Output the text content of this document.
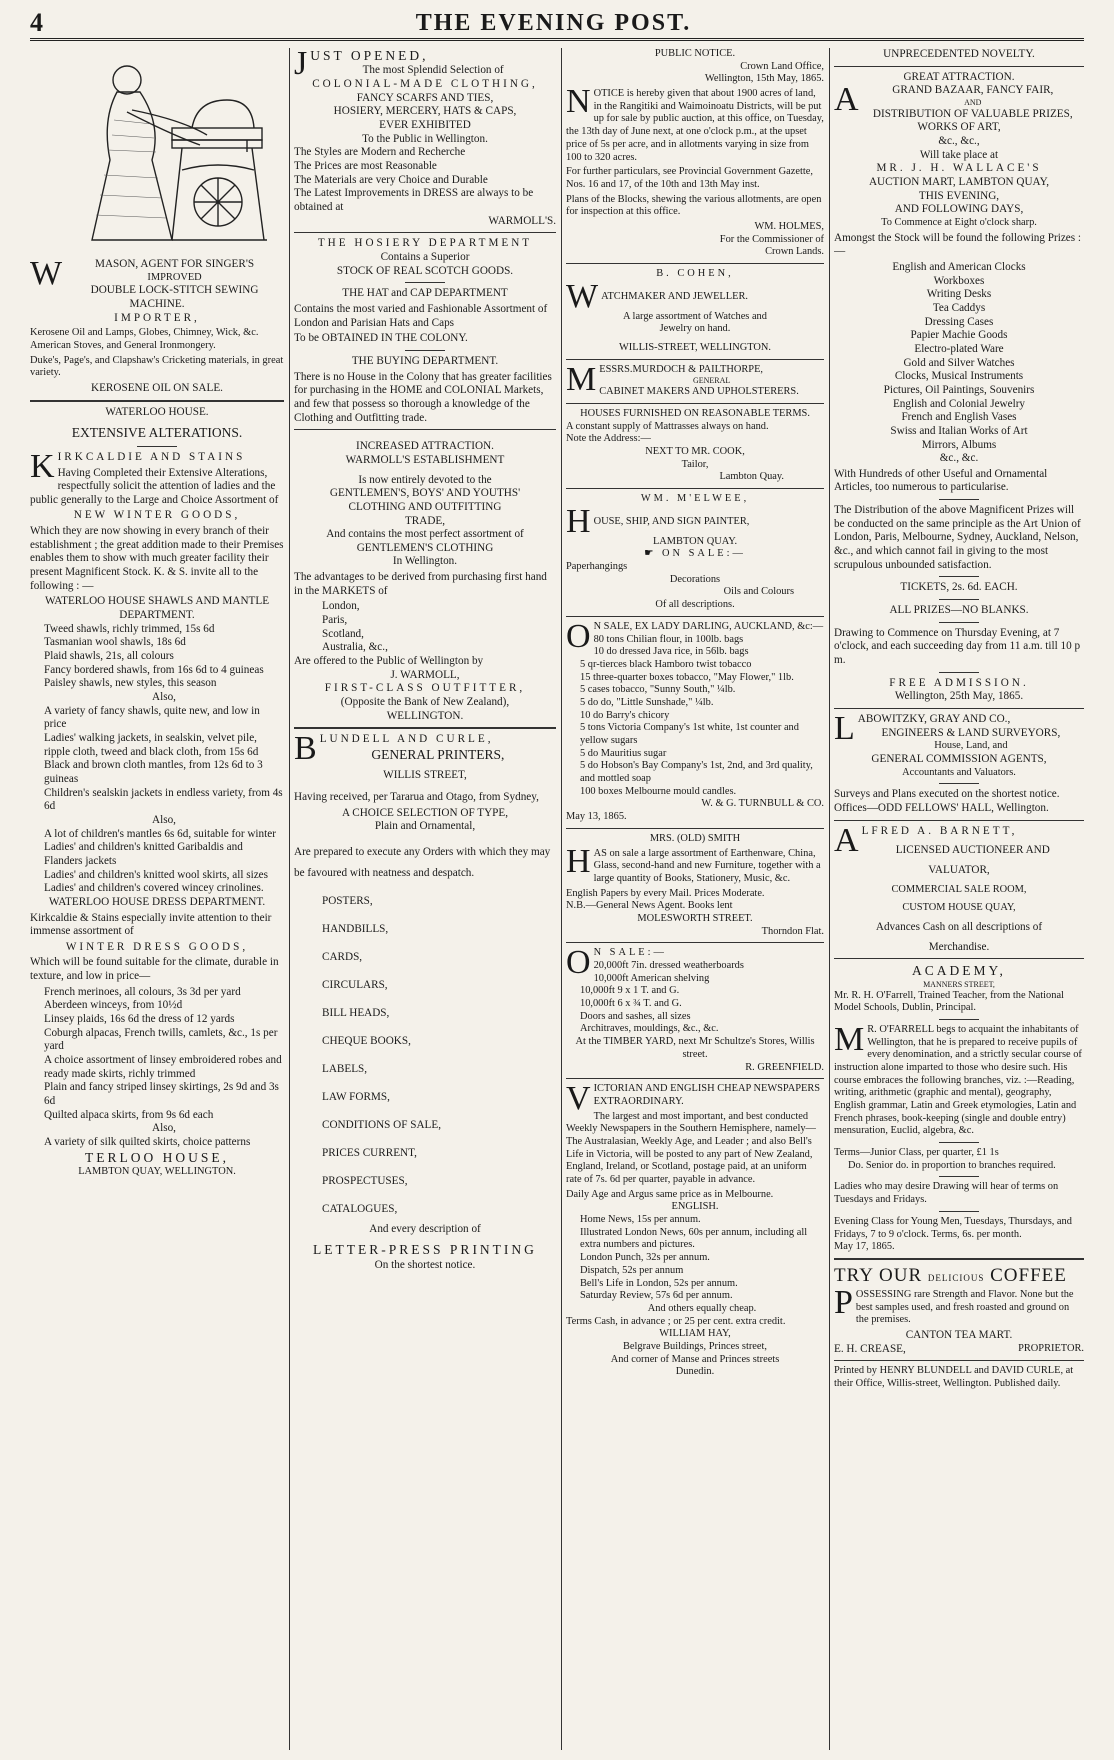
4	THE EVENING POST.
W	MASON, AGENT FOR SINGER'S
IMPROVED
DOUBLE LOCK-STITCH SEWING
MACHINE.
IMPORTER,

Kerosene Oil and Lamps, Globes, Chimney, Wick, &c. American Stoves, and General Ironmongery.

Duke's, Page's, and Clapshaw's Cricketing materials, in great variety.

KEROSENE OIL ON SALE.
WATERLOO HOUSE.
EXTENSIVE ALTERATIONS.
K IRKCALDIE AND STAINS

Having Completed their Extensive Alterations, respectfully solicit the attention of ladies and the public generally to the Large and Choice Assortment of

NEW WINTER GOODS,

Which they are now showing in every branch of their establishment ; the great addition made to their Premises enables them to show with much greater facility their present Magnificent Stock. K. & S. invite all to the following : —

WATERLOO HOUSE SHAWLS AND MANTLE DEPARTMENT.
Tweed shawls, richly trimmed, 15s 6d
Tasmanian wool shawls, 18s 6d
Plaid shawls, 21s, all colours
Fancy bordered shawls, from 16s 6d to 4 guineas
Paisley shawls, new styles, this season
Also,
A variety of fancy shawls, quite new, and low in price
Ladies' walking jackets, in sealskin, velvet pile, ripple cloth, tweed and black cloth, from 15s 6d
Black and brown cloth mantles, from 12s 6d to 3 guineas
Children's sealskin jackets in endless variety, from 4s 6d
Also,
A lot of children's mantles 6s 6d, suitable for winter
Ladies' and children's knitted Garibaldis and Flanders jackets
Ladies' and children's knitted wool skirts, all sizes
Ladies' and children's covered wincey crinolines.
WATERLOO HOUSE DRESS DEPARTMENT.

Kirkcaldie & Stains especially invite attention to their immense assortment of

WINTER DRESS GOODS,

Which will be found suitable for the climate, durable in texture, and low in price—

French merinoes, all colours, 3s 3d per yard
Aberdeen winceys, from 10½d
Linsey plaids, 16s 6d the dress of 12 yards
Coburgh alpacas, French twills, camlets, &c., 1s per yard
A choice assortment of linsey embroidered robes and ready made skirts, richly trimmed
Plain and fancy striped linsey skirtings, 2s 9d and 3s 6d
Quilted alpaca skirts, from 9s 6d each
Also,
A variety of silk quilted skirts, choice patterns
TERLOO HOUSE,
LAMBTON QUAY, WELLINGTON.
J UST OPENED,
The most Splendid Selection of
COLONIAL-MADE CLOTHING,
FANCY SCARFS AND TIES,
HOSIERY, MERCERY, HATS & CAPS,
EVER EXHIBITED
To the Public in Wellington.
The Styles are Modern and Recherche
The Prices are most Reasonable
The Materials are very Choice and Durable
The Latest Improvements in DRESS are always to be obtained at
WARMOLL'S.
THE HOSIERY DEPARTMENT
Contains a Superior
STOCK OF REAL SCOTCH GOODS.
THE HAT and CAP DEPARTMENT

Contains the most varied and Fashionable Assortment of London and Parisian Hats and Caps

To be OBTAINED IN THE COLONY.
THE BUYING DEPARTMENT.

There is no House in the Colony that has greater facilities for purchasing in the HOME and COLONIAL Markets, and few that possess so thorough a knowledge of the Clothing and Outfitting trade.

INCREASED ATTRACTION.
WARMOLL'S ESTABLISHMENT
Is now entirely devoted to the
GENTLEMEN'S, BOYS' AND YOUTHS'
CLOTHING AND OUTFITTING
TRADE,
And contains the most perfect assortment of
GENTLEMEN'S CLOTHING
In Wellington.

The advantages to be derived from purchasing first hand in the MARKETS of

London,
Paris,
Scotland,
Australia, &c.,
Are offered to the Public of Wellington by
J. WARMOLL,
FIRST-CLASS OUTFITTER,
(Opposite the Bank of New Zealand),
WELLINGTON.
B LUNDELL AND CURLE,
GENERAL PRINTERS,
WILLIS STREET,

Having received, per Tararua and Otago, from Sydney,

A CHOICE SELECTION OF TYPE,
Plain and Ornamental,

Are prepared to execute any Orders with which they may be favoured with neatness and despatch.

POSTERS,
HANDBILLS,
CARDS,
CIRCULARS,
BILL HEADS,
CHEQUE BOOKS,
LABELS,
LAW FORMS,
CONDITIONS OF SALE,
PRICES CURRENT,
PROSPECTUSES,
CATALOGUES,
And every description of
LETTER-PRESS PRINTING
On the shortest notice.
PUBLIC NOTICE.
Crown Land Office,
Wellington, 15th May, 1865.
N OTICE is hereby given that about 1900 acres of land, in the Rangitiki and Waimoinoatu Districts, will be put up for sale by public auction, at this office, on Tuesday, the 13th day of June next, at one o'clock p.m., at the upset price of 5s per acre, and in allotments varying in size from 100 to 320 acres.

For further particulars, see Provincial Government Gazette, Nos. 16 and 17, of the 10th and 13th May inst.

Plans of the Blocks, shewing the various allotments, are open for inspection at this office.

WM. HOLMES,
For the Commissioner of
Crown Lands.
B. COHEN,
W ATCHMAKER AND JEWELLER.
A large assortment of Watches and
Jewelry on hand.
WILLIS-STREET, WELLINGTON.
M ESSRS.MURDOCH & PAILTHORPE,
GENERAL
CABINET MAKERS AND UPHOLSTERERS.
HOUSES FURNISHED ON REASONABLE TERMS.
A constant supply of Mattrasses always on hand.
Note the Address:—
NEXT TO MR. COOK,
Tailor,
Lambton Quay.
WM. M'ELWEE,
H OUSE, SHIP, AND SIGN PAINTER,
LAMBTON QUAY.
☛ ON SALE:—
Paperhangings
Decorations
Oils and Colours
Of all descriptions.
O N SALE, EX LADY DARLING, AUCKLAND, &c:—
80 tons Chilian flour, in 100lb. bags
10 do dressed Java rice, in 56lb. bags
5 qr-tierces black Hamboro twist tobacco
15 three-quarter boxes tobacco, "May Flower," 1lb.
5 cases tobacco, "Sunny South," ¼lb.
5 do do, "Little Sunshade," ¼lb.
10 do Barry's chicory
5 tons Victoria Company's 1st white, 1st counter and yellow sugars
5 do Mauritius sugar
5 do Hobson's Bay Company's 1st, 2nd, and 3rd quality, and mottled soap
100 boxes Melbourne mould candles.
W. & G. TURNBULL & CO.
May 13, 1865.
MRS. (OLD) SMITH
H AS on sale a large assortment of Earthenware, China, Glass, second-hand and new Furniture, together with a large quantity of Books, Stationery, Music, &c.

English Papers by every Mail. Prices Moderate.
N.B.—General News Agent. Books lent
MOLESWORTH STREET.
Thorndon Flat.
O N SALE:—
20,000ft 7in. dressed weatherboards
10,000ft American shelving
10,000ft 9 x 1 T. and G.
10,000ft 6 x ¾ T. and G.
Doors and sashes, all sizes
Architraves, mouldings, &c., &c.
At the TIMBER YARD, next Mr Schultze's Stores, Willis street.
R. GREENFIELD.
V ICTORIAN AND ENGLISH CHEAP NEWSPAPERS EXTRAORDINARY.

The largest and most important, and best conducted Weekly Newspapers in the Southern Hemisphere, namely—The Australasian, Weekly Age, and Leader ; and also Bell's Life in Victoria, will be posted to any part of New Zealand, England, Ireland, or Scotland, postage paid, at an uniform rate of 7s. 6d per quarter, payable in advance.

Daily Age and Argus same price as in Melbourne.
ENGLISH.
Home News, 15s per annum.
Illustrated London News, 60s per annum, including all extra numbers and pictures.
London Punch, 32s per annum.
Dispatch, 52s per annum
Bell's Life in London, 52s per annum.
Saturday Review, 57s 6d per annum.
And others equally cheap.
Terms Cash, in advance ; or 25 per cent. extra credit.
WILLIAM HAY,
Belgrave Buildings, Princes street,
And corner of Manse and Princes streets
Dunedin.
UNPRECEDENTED NOVELTY.
GREAT ATTRACTION.
A	GRAND BAZAAR, FANCY FAIR,
AND
DISTRIBUTION OF VALUABLE PRIZES, WORKS OF ART,
&c., &c.,
Will take place at
MR. J. H. WALLACE'S
AUCTION MART, LAMBTON QUAY,
THIS EVENING,
AND FOLLOWING DAYS,
To Commence at Eight o'clock sharp.

Amongst the Stock will be found the following Prizes :—

English and American Clocks
Workboxes
Writing Desks
Tea Caddys
Dressing Cases
Papier Machie Goods
Electro-plated Ware
Gold and Silver Watches
Clocks, Musical Instruments
Pictures, Oil Paintings, Souvenirs
English and Colonial Jewelry
French and English Vases
Swiss and Italian Works of Art
Mirrors, Albums
&c., &c.

With Hundreds of other Useful and Ornamental Articles, too numerous to particularise.

The Distribution of the above Magnificent Prizes will be conducted on the same principle as the Art Union of London, Paris, Melbourne, Sydney, Auckland, Nelson, &c., and which cannot fail in giving to the most scrupulous unbounded satisfaction.

TICKETS, 2s. 6d. EACH.
ALL PRIZES—NO BLANKS.

Drawing to Commence on Thursday Evening, at 7 o'clock, and each succeeding day from 11 a.m. till 10 p m.

FREE ADMISSION.
Wellington, 25th May, 1865.
L ABOWITZKY, GRAY AND CO.,
ENGINEERS & LAND SURVEYORS,
House, Land, and
GENERAL COMMISSION AGENTS,
Accountants and Valuators.
Surveys and Plans executed on the shortest notice.
Offices—ODD FELLOWS' HALL, Wellington.
A LFRED A. BARNETT,
LICENSED AUCTIONEER AND
VALUATOR,
COMMERCIAL SALE ROOM,
CUSTOM HOUSE QUAY,
Advances Cash on all descriptions of
Merchandise.
ACADEMY,
MANNERS STREET,
Mr. R. H. O'Farrell, Trained Teacher, from the National Model Schools, Dublin, Principal.
M R. O'FARRELL begs to acquaint the inhabitants of Wellington, that he is prepared to receive pupils of every denomination, and a strictly secular course of instruction alone imparted to those who desire such. His course embraces the following branches, viz. :—Reading, writing, arithmetic (graphic and mental), geography, English grammar, Latin and Greek etymologies, Latin and French phrases, book-keeping (single and double entry) mensuration, Euclid, algebra, &c.

Terms—Junior Class, per quarter, £1 1s
Do. Senior do. in proportion to branches required.
Ladies who may desire Drawing will hear of terms on Tuesdays and Fridays.
Evening Class for Young Men, Tuesdays, Thursdays, and Fridays, 7 to 9 o'clock. Terms, 6s. per month.
May 17, 1865.
TRY OUR DELICIOUS COFFEE
P OSSESSING rare Strength and Flavor. None but the best samples used, and fresh roasted and ground on the premises.

CANTON TEA MART.
E. H. CREASE,	PROPRIETOR.
Printed by HENRY BLUNDELL and DAVID CURLE, at their Office, Willis-street, Wellington. Published daily.
